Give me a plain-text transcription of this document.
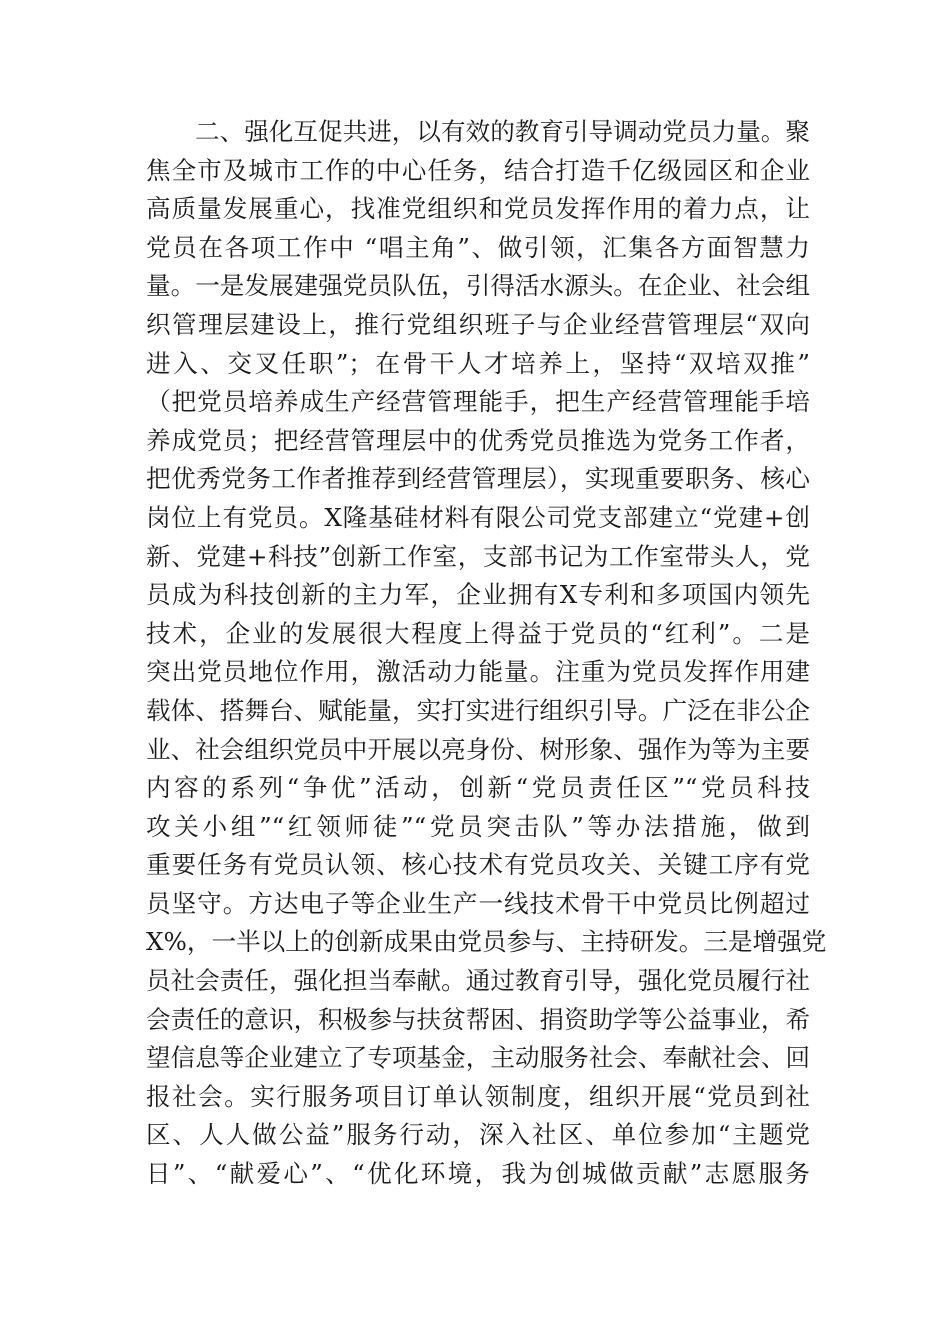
二、强化互促共进，以有效的教育引导调动党员力量。聚
焦全市及城市工作的中心任务，结合打造千亿级园区和企业
高质量发展重心，找准党组织和党员发挥作用的着力点，让
党员在各项工作中 “唱主角”、做引领，汇集各方面智慧力
量。一是发展建强党员队伍，引得活水源头。在企业、社会组
织管理层建设上，推行党组织班子与企业经营管理层“双向
进入、交叉任职”；在骨干人才培养上，坚持“双培双推”
（把党员培养成生产经营管理能手，把生产经营管理能手培
养成党员；把经营管理层中的优秀党员推选为党务工作者，
把优秀党务工作者推荐到经营管理层），实现重要职务、核心
岗位上有党员。X隆基硅材料有限公司党支部建立“党建+创
新、党建+科技”创新工作室，支部书记为工作室带头人，党
员成为科技创新的主力军，企业拥有X专利和多项国内领先
技术，企业的发展很大程度上得益于党员的“红利”。二是
突出党员地位作用，激活动力能量。注重为党员发挥作用建
载体、搭舞台、赋能量，实打实进行组织引导。广泛在非公企
业、社会组织党员中开展以亮身份、树形象、强作为等为主要
内容的系列“争优”活动，创新“党员责任区”“党员科技
攻关小组”“红领师徒”“党员突击队”等办法措施，做到
重要任务有党员认领、核心技术有党员攻关、关键工序有党
员坚守。方达电子等企业生产一线技术骨干中党员比例超过
X%，一半以上的创新成果由党员参与、主持研发。三是增强党
员社会责任，强化担当奉献。通过教育引导，强化党员履行社
会责任的意识，积极参与扶贫帮困、捐资助学等公益事业，希
望信息等企业建立了专项基金，主动服务社会、奉献社会、回
报社会。实行服务项目订单认领制度，组织开展“党员到社
区、人人做公益”服务行动，深入社区、单位参加“主题党
日”、“献爱心”、“优化环境，我为创城做贡献”志愿服务
